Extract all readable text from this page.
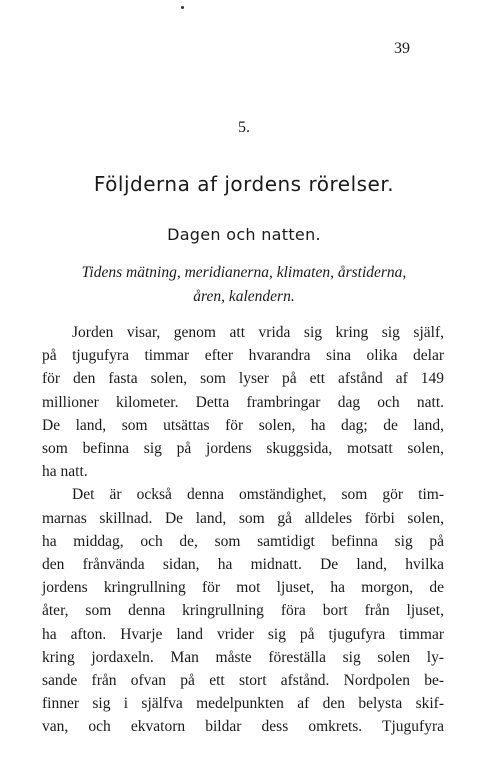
39
5.
Följderna af jordens rörelser.
Dagen och natten.
Tidens mätning, meridianerna, klimaten, årstiderna,
åren, kalendern.
Jorden visar, genom att vrida sig kring sig själf,
på tjugufyra timmar efter hvarandra sina olika delar
för den fasta solen, som lyser på ett afstånd af 149
millioner kilometer. Detta frambringar dag och natt.
De land, som utsättas för solen, ha dag; de land,
som befinna sig på jordens skuggsida, motsatt solen,
ha natt.
Det är också denna omständighet, som gör tim-
marnas skillnad. De land, som gå alldeles förbi solen,
ha middag, och de, som samtidigt befinna sig på
den frånvända sidan, ha midnatt. De land, hvilka
jordens kringrullning för mot ljuset, ha morgon, de
åter, som denna kringrullning föra bort från ljuset,
ha afton. Hvarje land vrider sig på tjugufyra timmar
kring jordaxeln. Man måste föreställa sig solen ly-
sande från ofvan på ett stort afstånd. Nordpolen be-
finner sig i själfva medelpunkten af den belysta skif-
van, och ekvatorn bildar dess omkrets. Tjugufyra
